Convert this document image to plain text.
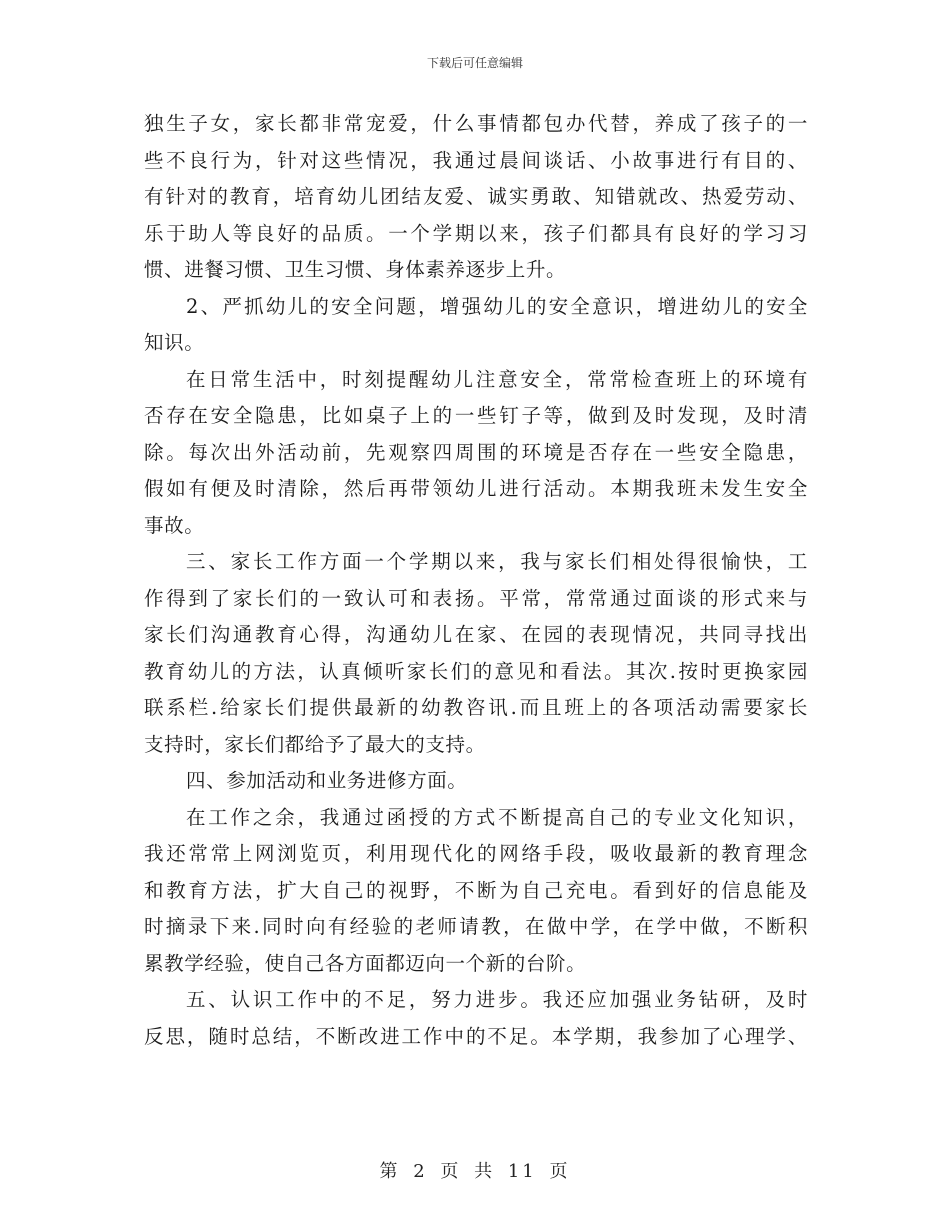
下载后可任意编辑
独生子女，家长都非常宠爱，什么事情都包办代替，养成了孩子的一
些不良行为，针对这些情况，我通过晨间谈话、小故事进行有目的、
有针对的教育，培育幼儿团结友爱、诚实勇敢、知错就改、热爱劳动、
乐于助人等良好的品质。一个学期以来，孩子们都具有良好的学习习
惯、进餐习惯、卫生习惯、身体素养逐步上升。
2、严抓幼儿的安全问题，增强幼儿的安全意识，增进幼儿的安全
知识。
在日常生活中，时刻提醒幼儿注意安全，常常检查班上的环境有
否存在安全隐患，比如桌子上的一些钉子等，做到及时发现，及时清
除。每次出外活动前，先观察四周围的环境是否存在一些安全隐患，
假如有便及时清除，然后再带领幼儿进行活动。本期我班未发生安全
事故。
三、家长工作方面一个学期以来，我与家长们相处得很愉快，工
作得到了家长们的一致认可和表扬。平常，常常通过面谈的形式来与
家长们沟通教育心得，沟通幼儿在家、在园的表现情况，共同寻找出
教育幼儿的方法，认真倾听家长们的意见和看法。其次.按时更换家园
联系栏.给家长们提供最新的幼教咨讯.而且班上的各项活动需要家长
支持时，家长们都给予了最大的支持。
四、参加活动和业务进修方面。
在工作之余，我通过函授的方式不断提高自己的专业文化知识，
我还常常上网浏览页，利用现代化的网络手段，吸收最新的教育理念
和教育方法，扩大自己的视野，不断为自己充电。看到好的信息能及
时摘录下来.同时向有经验的老师请教，在做中学，在学中做，不断积
累教学经验，使自己各方面都迈向一个新的台阶。
五、认识工作中的不足，努力进步。我还应加强业务钻研，及时
反思，随时总结，不断改进工作中的不足。本学期，我参加了心理学、
第 2 页 共 11 页
